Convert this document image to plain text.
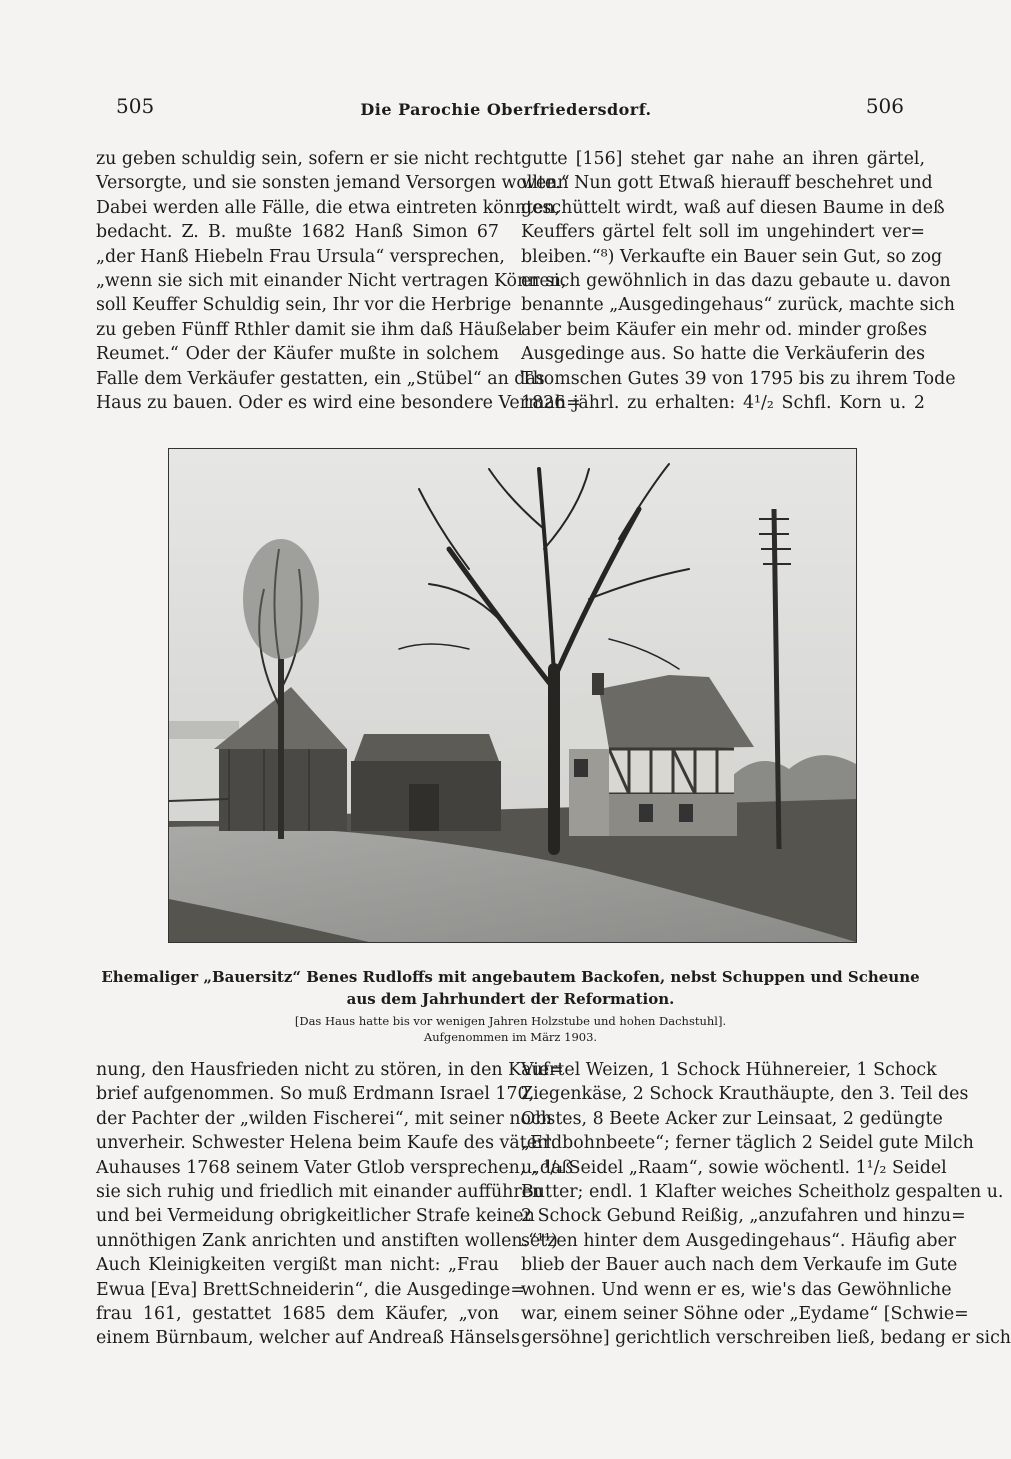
505	Die Parochie Oberfriedersdorf.	506
zu geben schuldig sein, sofern er sie nicht recht
Versorgte, und sie sonsten jemand Versorgen wollte.“
Dabei werden alle Fälle, die etwa eintreten könnten,
bedacht. Z. B. mußte 1682 Hanß Simon 67
„der Hanß Hiebeln Frau Ursula“ versprechen,
„wenn sie sich mit einander Nicht vertragen Können,
soll Keuffer Schuldig sein, Ihr vor die Herbrige
zu geben Fünff Rthler damit sie ihm daß Häußel
Reumet.“ Oder der Käufer mußte in solchem
Falle dem Verkäufer gestatten, ein „Stübel“ an das
Haus zu bauen. Oder es wird eine besondere Vermah=
gutte [156] stehet gar nahe an ihren gärtel,
wenn Nun gott Etwaß hierauff beschehret und
geschüttelt wirdt, waß auf diesen Baume in deß
Keuffers gärtel felt soll im ungehindert ver=
bleiben.“⁸) Verkaufte ein Bauer sein Gut, so zog
er sich gewöhnlich in das dazu gebaute u. davon
benannte „Ausgedingehaus“ zurück, machte sich
aber beim Käufer ein mehr od. minder großes
Ausgedinge aus. So hatte die Verkäuferin des
Thomschen Gutes 39 von 1795 bis zu ihrem Tode
1826 jährl. zu erhalten: 4¹/₂ Schfl. Korn u. 2
Ehemaliger „Bauersitz“ Benes Rudloffs mit angebautem Backofen, nebst Schuppen und Scheune
aus dem Jahrhundert der Reformation.
[Das Haus hatte bis vor wenigen Jahren Holzstube und hohen Dachstuhl].
Aufgenommen im März 1903.
nung, den Hausfrieden nicht zu stören, in den Kauf=
brief aufgenommen. So muß Erdmann Israel 170,
der Pachter der „wilden Fischerei“, mit seiner noch
unverheir. Schwester Helena beim Kaufe des väterl.
Auhauses 1768 seinem Vater Gtlob versprechen, „daß
sie sich ruhig und friedlich mit einander aufführen
und bei Vermeidung obrigkeitlicher Strafe keinen
unnöthigen Zank anrichten und anstiften wollen.“¹¹)
Auch Kleinigkeiten vergißt man nicht: „Frau
Ewua [Eva] BrettSchneiderin“, die Ausgedinge=
frau 161, gestattet 1685 dem Käufer, „von
einem Bürnbaum, welcher auf Andreaß Hänsels
Viertel Weizen, 1 Schock Hühnereier, 1 Schock
Ziegenkäse, 2 Schock Krauthäupte, den 3. Teil des
Obstes, 8 Beete Acker zur Leinsaat, 2 gedüngte
„Erdbohnbeete“; ferner täglich 2 Seidel gute Milch
u. ¹/₄ Seidel „Raam“, sowie wöchentl. 1¹/₂ Seidel
Butter; endl. 1 Klafter weiches Scheitholz gespalten u.
2 Schock Gebund Reißig, „anzufahren und hinzu=
setzen hinter dem Ausgedingehaus“. Häufig aber
blieb der Bauer auch nach dem Verkaufe im Gute
wohnen. Und wenn er es, wie's das Gewöhnliche
war, einem seiner Söhne oder „Eydame“ [Schwie=
gersöhne] gerichtlich verschreiben ließ, bedang er sich
